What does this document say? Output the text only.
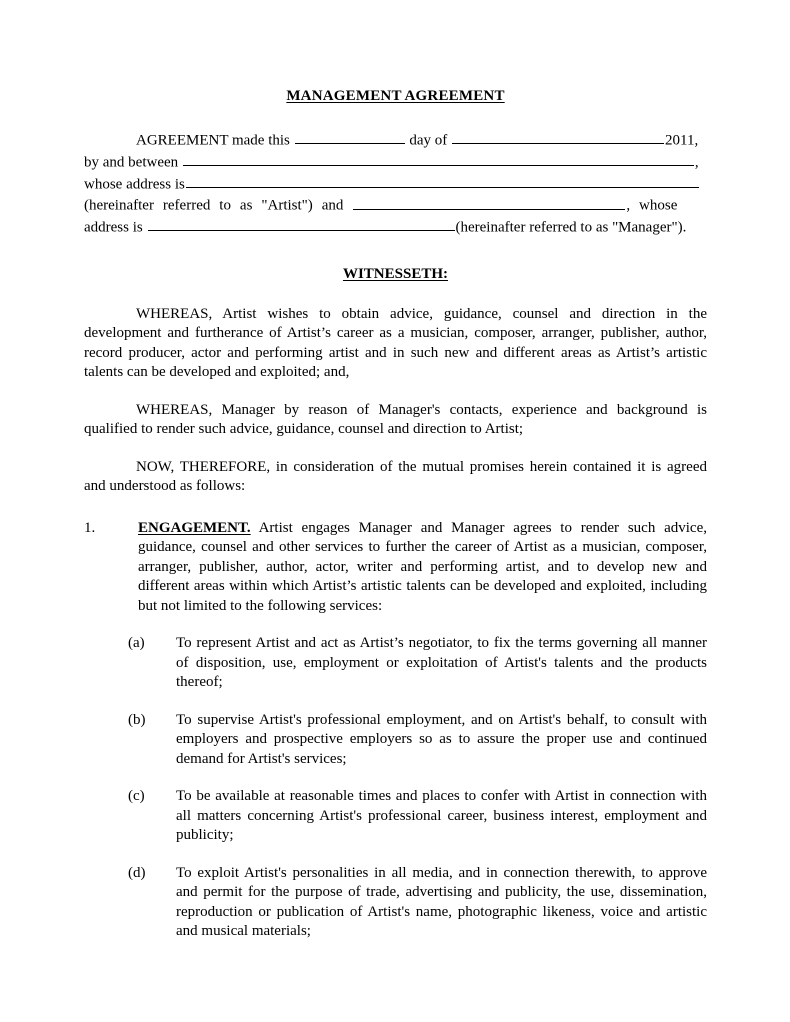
MANAGEMENT AGREEMENT
AGREEMENT made this	day of	2011,
by and between	,
whose address is
(hereinafter referred to as "Artist") and	, whose
address is	(hereinafter referred to as "Manager").
WITNESSETH:

WHEREAS, Artist wishes to obtain advice, guidance, counsel and direction in the development and furtherance of Artist’s career as a musician, composer, arranger, publisher, author, record producer, actor and performing artist and in such new and different areas as Artist’s artistic talents can be developed and exploited; and,

WHEREAS, Manager by reason of Manager's contacts, experience and background is qualified to render such advice, guidance, counsel and direction to Artist;

NOW, THEREFORE, in consideration of the mutual promises herein contained it is agreed and understood as follows:

1.	ENGAGEMENT. Artist engages Manager and Manager agrees to render such advice, guidance, counsel and other services to further the career of Artist as a musician, composer, arranger, publisher, author, actor, writer and performing artist, and to develop new and different areas within which Artist’s artistic talents can be developed and exploited, including but not limited to the following services:
(a)	To represent Artist and act as Artist’s negotiator, to fix the terms governing all manner of disposition, use, employment or exploitation of Artist's talents and the products thereof;
(b)	To supervise Artist's professional employment, and on Artist's behalf, to consult with employers and prospective employers so as to assure the proper use and continued demand for Artist's services;
(c)	To be available at reasonable times and places to confer with Artist in connection with all matters concerning Artist's professional career, business interest, employment and publicity;
(d)	To exploit Artist's personalities in all media, and in connection therewith, to approve and permit for the purpose of trade, advertising and publicity, the use, dissemination, reproduction or publication of Artist's name, photographic likeness, voice and artistic and musical materials;
